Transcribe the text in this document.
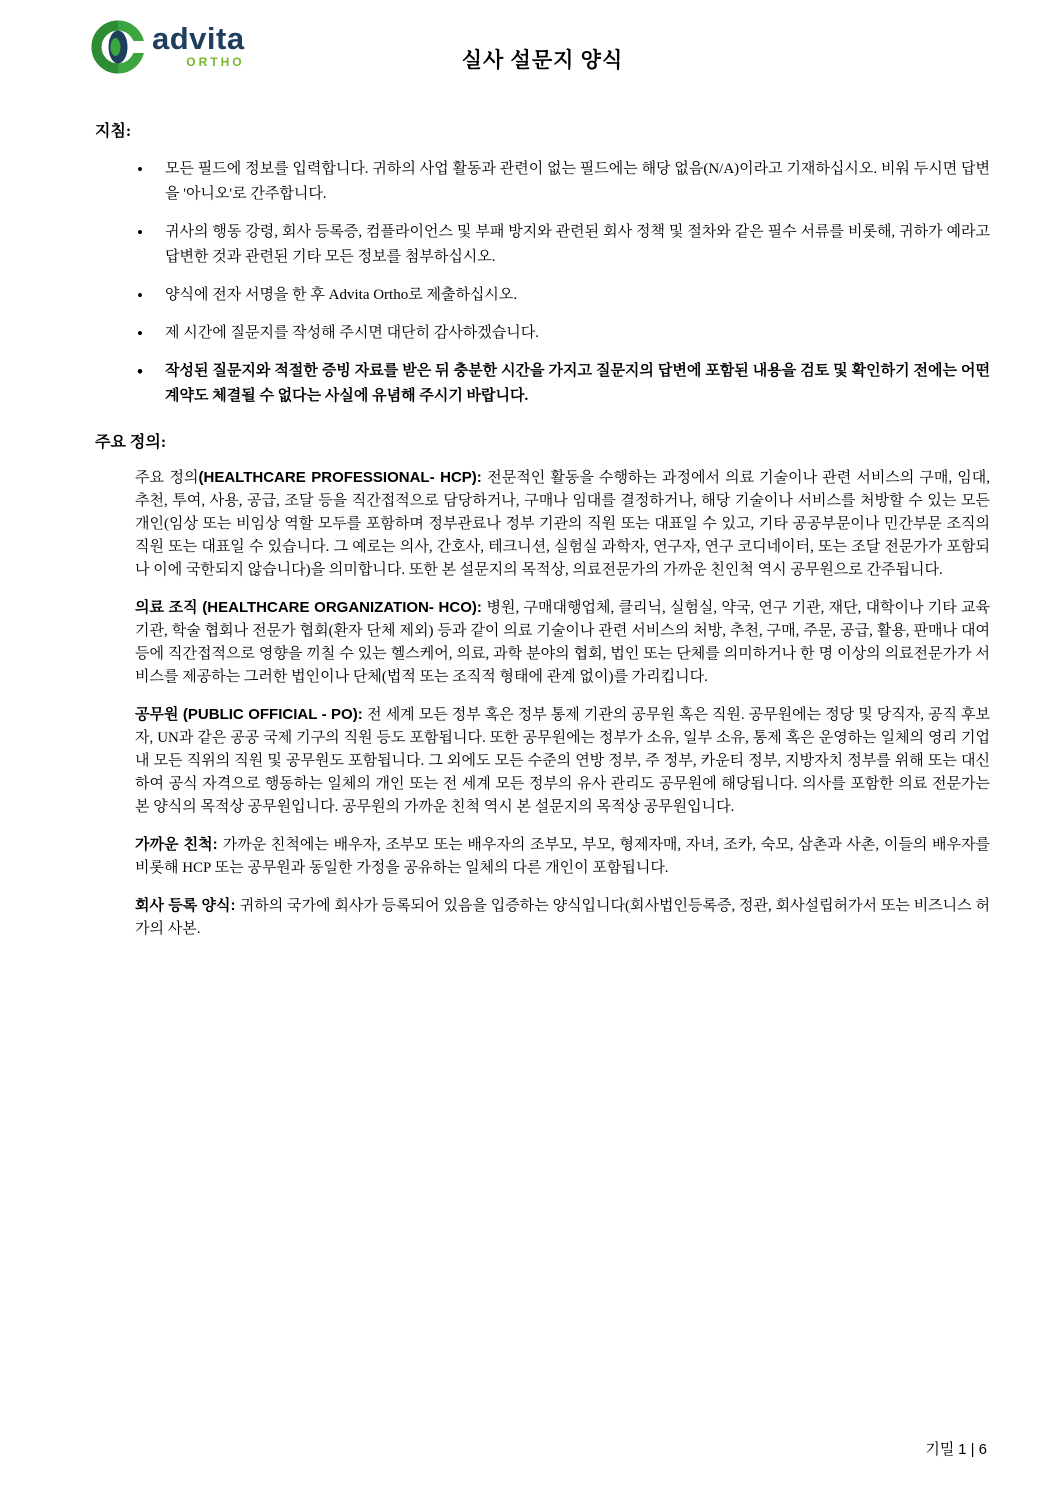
advita
ORTHO	실사 설문지 양식
지침:
• 모든 필드에 정보를 입력합니다. 귀하의 사업 활동과 관련이 없는 필드에는 해당 없음(N/A)이라고 기재하십시오. 비워 두시면 답변을 '아니오'로 간주합니다.
• 귀사의 행동 강령, 회사 등록증, 컴플라이언스 및 부패 방지와 관련된 회사 정책 및 절차와 같은 필수 서류를 비롯해, 귀하가 예라고 답변한 것과 관련된 기타 모든 정보를 첨부하십시오.
• 양식에 전자 서명을 한 후 Advita Ortho로 제출하십시오.
• 제 시간에 질문지를 작성해 주시면 대단히 감사하겠습니다.
• 작성된 질문지와 적절한 증빙 자료를 받은 뒤 충분한 시간을 가지고 질문지의 답변에 포함된 내용을 검토 및 확인하기 전에는 어떤 계약도 체결될 수 없다는 사실에 유념해 주시기 바랍니다.
주요 정의:

주요 정의(HEALTHCARE PROFESSIONAL- HCP): 전문적인 활동을 수행하는 과정에서 의료 기술이나 관련 서비스의 구매, 임대, 추천, 투여, 사용, 공급, 조달 등을 직간접적으로 담당하거나, 구매나 임대를 결정하거나, 해당 기술이나 서비스를 처방할 수 있는 모든 개인(임상 또는 비임상 역할 모두를 포함하며 정부관료나 정부 기관의 직원 또는 대표일 수 있고, 기타 공공부문이나 민간부문 조직의 직원 또는 대표일 수 있습니다. 그 예로는 의사, 간호사, 테크니션, 실험실 과학자, 연구자, 연구 코디네이터, 또는 조달 전문가가 포함되나 이에 국한되지 않습니다)을 의미합니다. 또한 본 설문지의 목적상, 의료전문가의 가까운 친인척 역시 공무원으로 간주됩니다.

의료 조직 (HEALTHCARE ORGANIZATION- HCO): 병원, 구매대행업체, 클리닉, 실험실, 약국, 연구 기관, 재단, 대학이나 기타 교육 기관, 학술 협회나 전문가 협회(환자 단체 제외) 등과 같이 의료 기술이나 관련 서비스의 처방, 추천, 구매, 주문, 공급, 활용, 판매나 대여 등에 직간접적으로 영향을 끼칠 수 있는 헬스케어, 의료, 과학 분야의 협회, 법인 또는 단체를 의미하거나 한 명 이상의 의료전문가가 서비스를 제공하는 그러한 법인이나 단체(법적 또는 조직적 형태에 관계 없이)를 가리킵니다.

공무원 (PUBLIC OFFICIAL - PO): 전 세계 모든 정부 혹은 정부 통제 기관의 공무원 혹은 직원. 공무원에는 정당 및 당직자, 공직 후보자, UN과 같은 공공 국제 기구의 직원 등도 포함됩니다. 또한 공무원에는 정부가 소유, 일부 소유, 통제 혹은 운영하는 일체의 영리 기업내 모든 직위의 직원 및 공무원도 포함됩니다. 그 외에도 모든 수준의 연방 정부, 주 정부, 카운티 정부, 지방자치 정부를 위해 또는 대신하여 공식 자격으로 행동하는 일체의 개인 또는 전 세계 모든 정부의 유사 관리도 공무원에 해당됩니다. 의사를 포함한 의료 전문가는 본 양식의 목적상 공무원입니다. 공무원의 가까운 친척 역시 본 설문지의 목적상 공무원입니다.

가까운 친척: 가까운 친척에는 배우자, 조부모 또는 배우자의 조부모, 부모, 형제자매, 자녀, 조카, 숙모, 삼촌과 사촌, 이들의 배우자를 비롯해 HCP 또는 공무원과 동일한 가정을 공유하는 일체의 다른 개인이 포함됩니다.

회사 등록 양식: 귀하의 국가에 회사가 등록되어 있음을 입증하는 양식입니다(회사법인등록증, 정관, 회사설립허가서 또는 비즈니스 허가의 사본.

기밀 1 | 6
